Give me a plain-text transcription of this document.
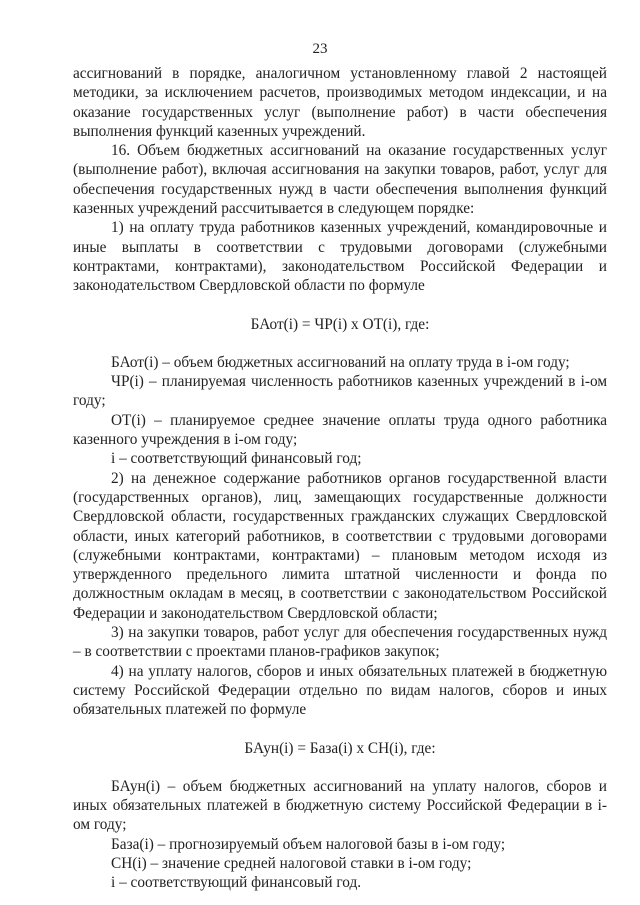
23

ассигнований в порядке, аналогичном установленному главой 2 настоящей методики, за исключением расчетов, производимых методом индексации, и на оказание государственных услуг (выполнение работ) в части обеспечения выполнения функций казенных учреждений.

16. Объем бюджетных ассигнований на оказание государственных услуг (выполнение работ), включая ассигнования на закупки товаров, работ, услуг для обеспечения государственных нужд в части обеспечения выполнения функций казенных учреждений рассчитывается в следующем порядке:

1) на оплату труда работников казенных учреждений, командировочные и иные выплаты в соответствии с трудовыми договорами (служебными контрактами, контрактами), законодательством Российской Федерации и законодательством Свердловской области по формуле

БАот(i) = ЧР(i) х ОТ(i), где:

БАот(i) – объем бюджетных ассигнований на оплату труда в i-ом году;

ЧР(i) – планируемая численность работников казенных учреждений в i-ом году;

ОТ(i) – планируемое среднее значение оплаты труда одного работника казенного учреждения в i-ом году;

i – соответствующий финансовый год;

2) на денежное содержание работников органов государственной власти (государственных органов), лиц, замещающих государственные должности Свердловской области, государственных гражданских служащих Свердловской области, иных категорий работников, в соответствии с трудовыми договорами (служебными контрактами, контрактами) – плановым методом исходя из утвержденного предельного лимита штатной численности и фонда по должностным окладам в месяц, в соответствии с законодательством Российской Федерации и законодательством Свердловской области;

3) на закупки товаров, работ услуг для обеспечения государственных нужд – в соответствии с проектами планов-графиков закупок;

4) на уплату налогов, сборов и иных обязательных платежей в бюджетную систему Российской Федерации отдельно по видам налогов, сборов и иных обязательных платежей по формуле

БАун(i) = База(i) х СН(i), где:

БАун(i) – объем бюджетных ассигнований на уплату налогов, сборов и иных обязательных платежей в бюджетную систему Российской Федерации в i-ом году;

База(i) – прогнозируемый объем налоговой базы в i-ом году;

СН(i) – значение средней налоговой ставки в i-ом году;

i – соответствующий финансовый год.
